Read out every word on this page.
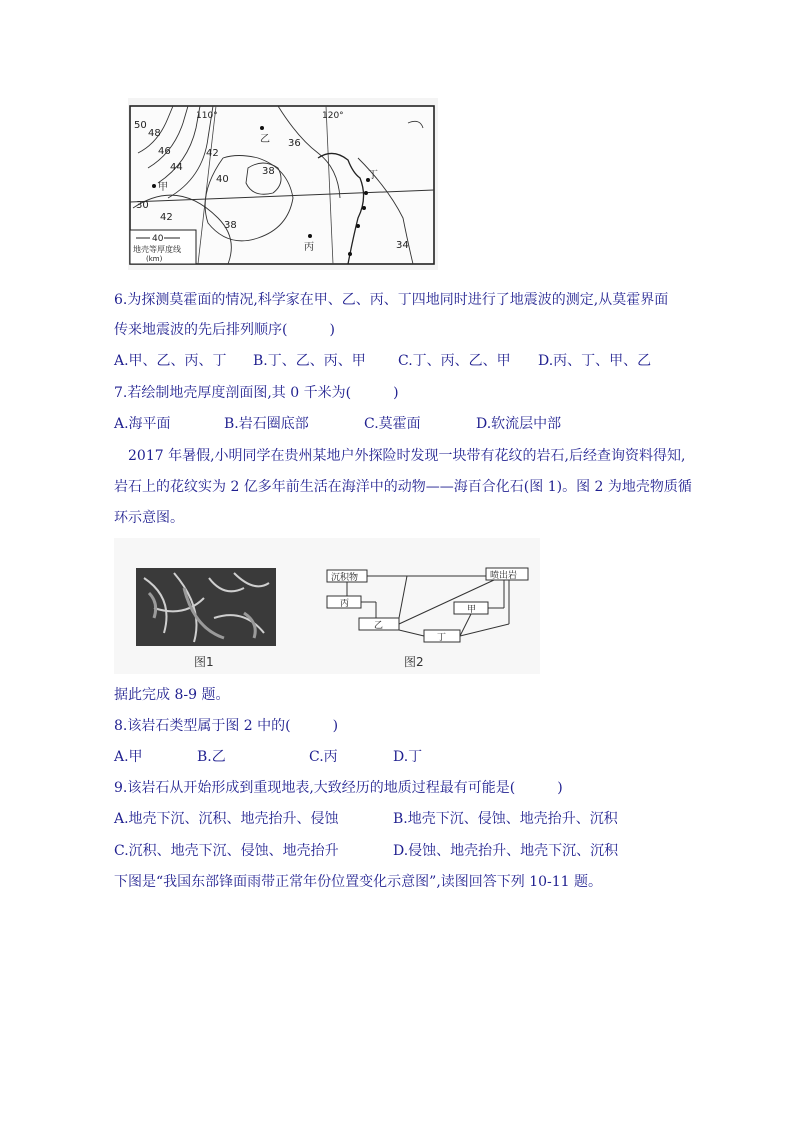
110°	120°
50
48
46
44
42
40
38
36
38
34
30
42
甲
乙
丙
丁
40
地壳等厚度线
(km)
6.为探测莫霍面的情况,科学家在甲、乙、丙、丁四地同时进行了地震波的测定,从莫霍界面
传来地震波的先后排列顺序(　　　)
A.甲、乙、丙、丁 B.丁、乙、丙、甲 C.丁、丙、乙、甲 D.丙、丁、甲、乙
7.若绘制地壳厚度剖面图,其 0 千米为(　　　)
A.海平面	B.岩石圈底部	C.莫霍面	D.软流层中部
　2017 年暑假,小明同学在贵州某地户外探险时发现一块带有花纹的岩石,后经查询资料得知,
岩石上的花纹实为 2 亿多年前生活在海洋中的动物——海百合化石(图 1)。图 2 为地壳物质循
环示意图。
图1
沉积物	喷出岩
丙
甲
乙
丁
图2
据此完成 8-9 题。
8.该岩石类型属于图 2 中的(　　　)
A.甲	B.乙	C.丙	D.丁
9.该岩石从开始形成到重现地表,大致经历的地质过程最有可能是(　　　)
A.地壳下沉、沉积、地壳抬升、侵蚀	B.地壳下沉、侵蚀、地壳抬升、沉积
C.沉积、地壳下沉、侵蚀、地壳抬升	D.侵蚀、地壳抬升、地壳下沉、沉积
下图是“我国东部锋面雨带正常年份位置变化示意图”,读图回答下列 10-11 题。
